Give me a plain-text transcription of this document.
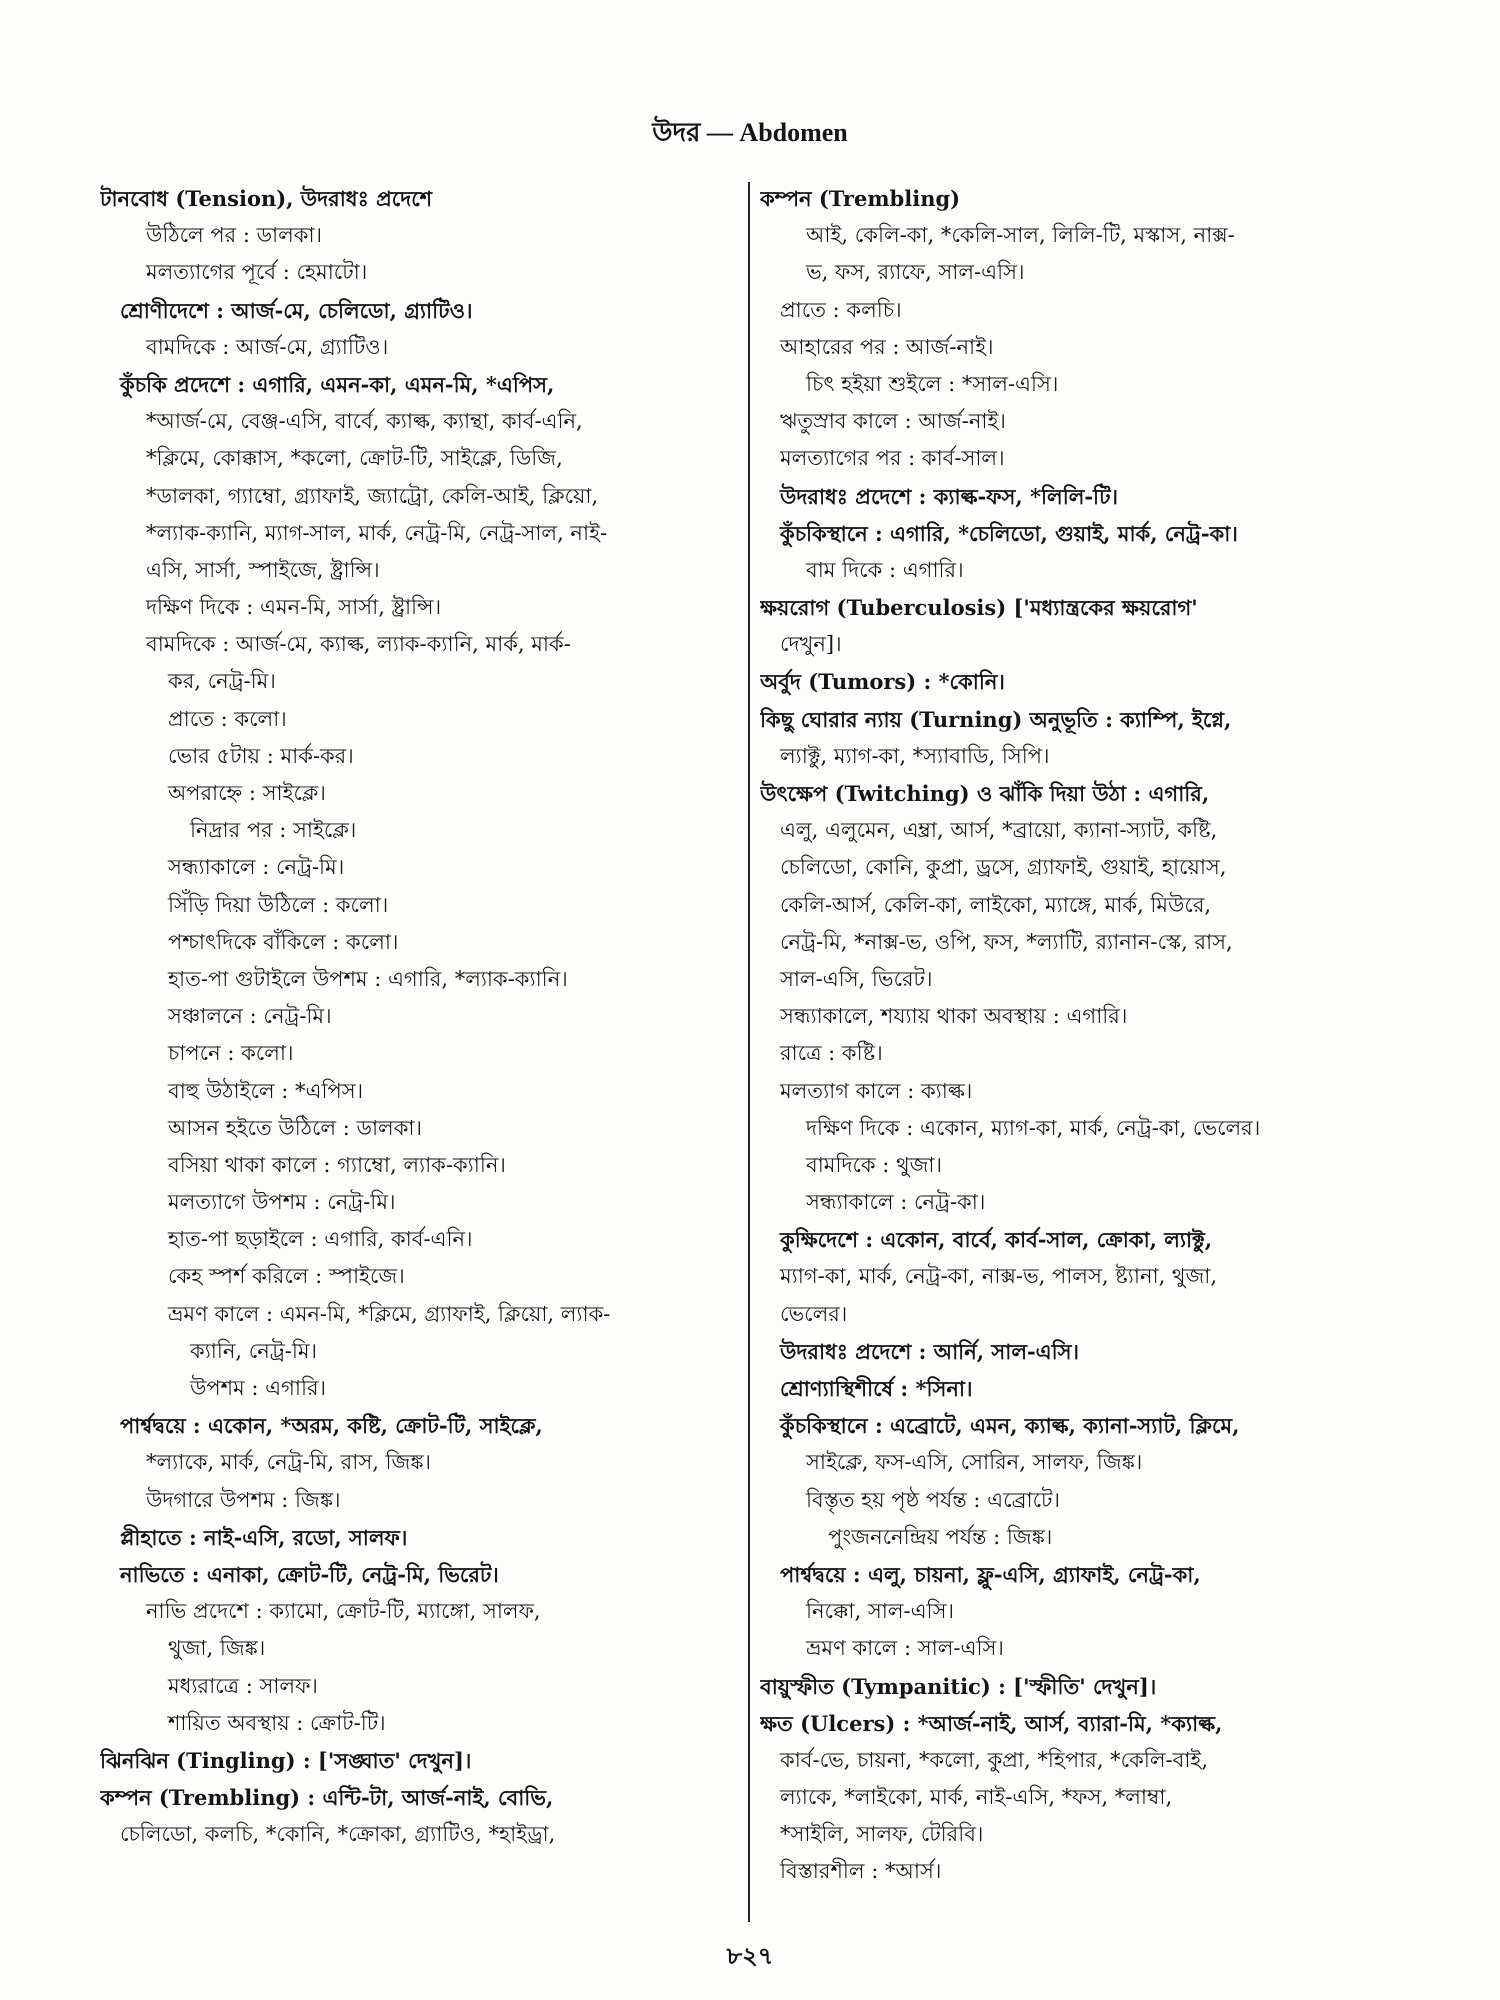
উদর — Abdomen
টানবোধ (Tension), উদরাধঃ প্রদেশে
উঠিলে পর : ডালকা।
মলত্যাগের পূর্বে : হেমাটো।
শ্রোণীদেশে : আর্জ-মে, চেলিডো, গ্র্যাটিও।
বামদিকে : আর্জ-মে, গ্র্যাটিও।
কুঁচকি প্রদেশে : এগারি, এমন-কা, এমন-মি, *এপিস,
*আর্জ-মে, বেঞ্জ-এসি, বার্বে, ক্যাল্ক, ক্যান্থা, কার্ব-এনি,
*ক্লিমে, কোক্কাস, *কলো, ক্রোট-টি, সাইক্লে, ডিজি,
*ডালকা, গ্যাম্বো, গ্র্যাফাই, জ্যাট্রো, কেলি-আই, ক্লিয়ো,
*ল্যাক-ক্যানি, ম্যাগ-সাল, মার্ক, নেট্র-মি, নেট্র-সাল, নাই-
এসি, সার্সা, স্পাইজে, ষ্ট্রান্সি।
দক্ষিণ দিকে : এমন-মি, সার্সা, ষ্ট্রান্সি।
বামদিকে : আর্জ-মে, ক্যাল্ক, ল্যাক-ক্যানি, মার্ক, মার্ক-
কর, নেট্র-মি।
প্রাতে : কলো।
ভোর ৫টায় : মার্ক-কর।
অপরাহ্নে : সাইক্লে।
নিদ্রার পর : সাইক্লে।
সন্ধ্যাকালে : নেট্র-মি।
সিঁড়ি দিয়া উঠিলে : কলো।
পশ্চাৎদিকে বাঁকিলে : কলো।
হাত-পা গুটাইলে উপশম : এগারি, *ল্যাক-ক্যানি।
সঞ্চালনে : নেট্র-মি।
চাপনে : কলো।
বাহু উঠাইলে : *এপিস।
আসন হইতে উঠিলে : ডালকা।
বসিয়া থাকা কালে : গ্যাম্বো, ল্যাক-ক্যানি।
মলত্যাগে উপশম : নেট্র-মি।
হাত-পা ছড়াইলে : এগারি, কার্ব-এনি।
কেহ স্পর্শ করিলে : স্পাইজে।
ভ্রমণ কালে : এমন-মি, *ক্লিমে, গ্র্যাফাই, ক্লিয়ো, ল্যাক-
ক্যানি, নেট্র-মি।
উপশম : এগারি।
পার্শ্বদ্বয়ে : একোন, *অরম, কষ্টি, ক্রোট-টি, সাইক্লে,
*ল্যাকে, মার্ক, নেট্র-মি, রাস, জিঙ্ক।
উদগারে উপশম : জিঙ্ক।
প্লীহাতে : নাই-এসি, রডো, সালফ।
নাভিতে : এনাকা, ক্রোট-টি, নেট্র-মি, ভিরেট।
নাভি প্রদেশে : ক্যামো, ক্রোট-টি, ম্যাঙ্গো, সালফ,
থুজা, জিঙ্ক।
মধ্যরাত্রে : সালফ।
শায়িত অবস্থায় : ক্রোট-টি।
ঝিনঝিন (Tingling) : ['সঙ্ঘাত' দেখুন]।
কম্পন (Trembling) : এন্টি-টা, আর্জ-নাই, বোভি,
চেলিডো, কলচি, *কোনি, *ক্রোকা, গ্র্যাটিও, *হাইড্রা,
কম্পন (Trembling)
আই, কেলি-কা, *কেলি-সাল, লিলি-টি, মস্কাস, নাক্স-
ভ, ফস, র‍্যাফে, সাল-এসি।
প্রাতে : কলচি।
আহারের পর : আর্জ-নাই।
চিৎ হইয়া শুইলে : *সাল-এসি।
ঋতুস্রাব কালে : আর্জ-নাই।
মলত্যাগের পর : কার্ব-সাল।
উদরাধঃ প্রদেশে : ক্যাল্ক-ফস, *লিলি-টি।
কুঁচকিস্থানে : এগারি, *চেলিডো, গুয়াই, মার্ক, নেট্র-কা।
বাম দিকে : এগারি।
ক্ষয়রোগ (Tuberculosis) ['মধ্যান্ত্রকের ক্ষয়রোগ'
দেখুন]।
অর্বুদ (Tumors) : *কোনি।
কিছু ঘোরার ন্যায় (Turning) অনুভূতি : ক্যাম্পি, ইগ্নে,
ল্যাক্টু, ম্যাগ-কা, *স্যাবাডি, সিপি।
উৎক্ষেপ (Twitching) ও ঝাঁকি দিয়া উঠা : এগারি,
এলু, এলুমেন, এম্ব্রা, আর্স, *ব্রায়ো, ক্যানা-স্যাট, কষ্টি,
চেলিডো, কোনি, কুপ্রা, ড্রসে, গ্র্যাফাই, গুয়াই, হায়োস,
কেলি-আর্স, কেলি-কা, লাইকো, ম্যাঙ্গে, মার্ক, মিউরে,
নেট্র-মি, *নাক্স-ভ, ওপি, ফস, *ল্যাটি, র‍্যানান-স্কে, রাস,
সাল-এসি, ভিরেট।
সন্ধ্যাকালে, শয্যায় থাকা অবস্থায় : এগারি।
রাত্রে : কষ্টি।
মলত্যাগ কালে : ক্যাল্ক।
দক্ষিণ দিকে : একোন, ম্যাগ-কা, মার্ক, নেট্র-কা, ভেলের।
বামদিকে : থুজা।
সন্ধ্যাকালে : নেট্র-কা।
কুক্ষিদেশে : একোন, বার্বে, কার্ব-সাল, ক্রোকা, ল্যাক্টু,
ম্যাগ-কা, মার্ক, নেট্র-কা, নাক্স-ভ, পালস, ষ্ট্যানা, থুজা,
ভেলের।
উদরাধঃ প্রদেশে : আর্নি, সাল-এসি।
শ্রোণ্যাস্থিশীর্ষে : *সিনা।
কুঁচকিস্থানে : এব্রোটে, এমন, ক্যাল্ক, ক্যানা-স্যাট, ক্লিমে,
সাইক্লে, ফস-এসি, সোরিন, সালফ, জিঙ্ক।
বিস্তৃত হয় পৃষ্ঠ পর্যন্ত : এব্রোটে।
পুংজননেন্দ্রিয় পর্যন্ত : জিঙ্ক।
পার্শ্বদ্বয়ে : এলু, চায়না, ফ্লু-এসি, গ্র্যাফাই, নেট্র-কা,
নিক্কো, সাল-এসি।
ভ্রমণ কালে : সাল-এসি।
বায়ুস্ফীত (Tympanitic) : ['স্ফীতি' দেখুন]।
ক্ষত (Ulcers) : *আর্জ-নাই, আর্স, ব্যারা-মি, *ক্যাল্ক,
কার্ব-ভে, চায়না, *কলো, কুপ্রা, *হিপার, *কেলি-বাই,
ল্যাকে, *লাইকো, মার্ক, নাই-এসি, *ফস, *লাম্বা,
*সাইলি, সালফ, টেরিবি।
বিস্তারশীল : *আর্স।
৮২৭
